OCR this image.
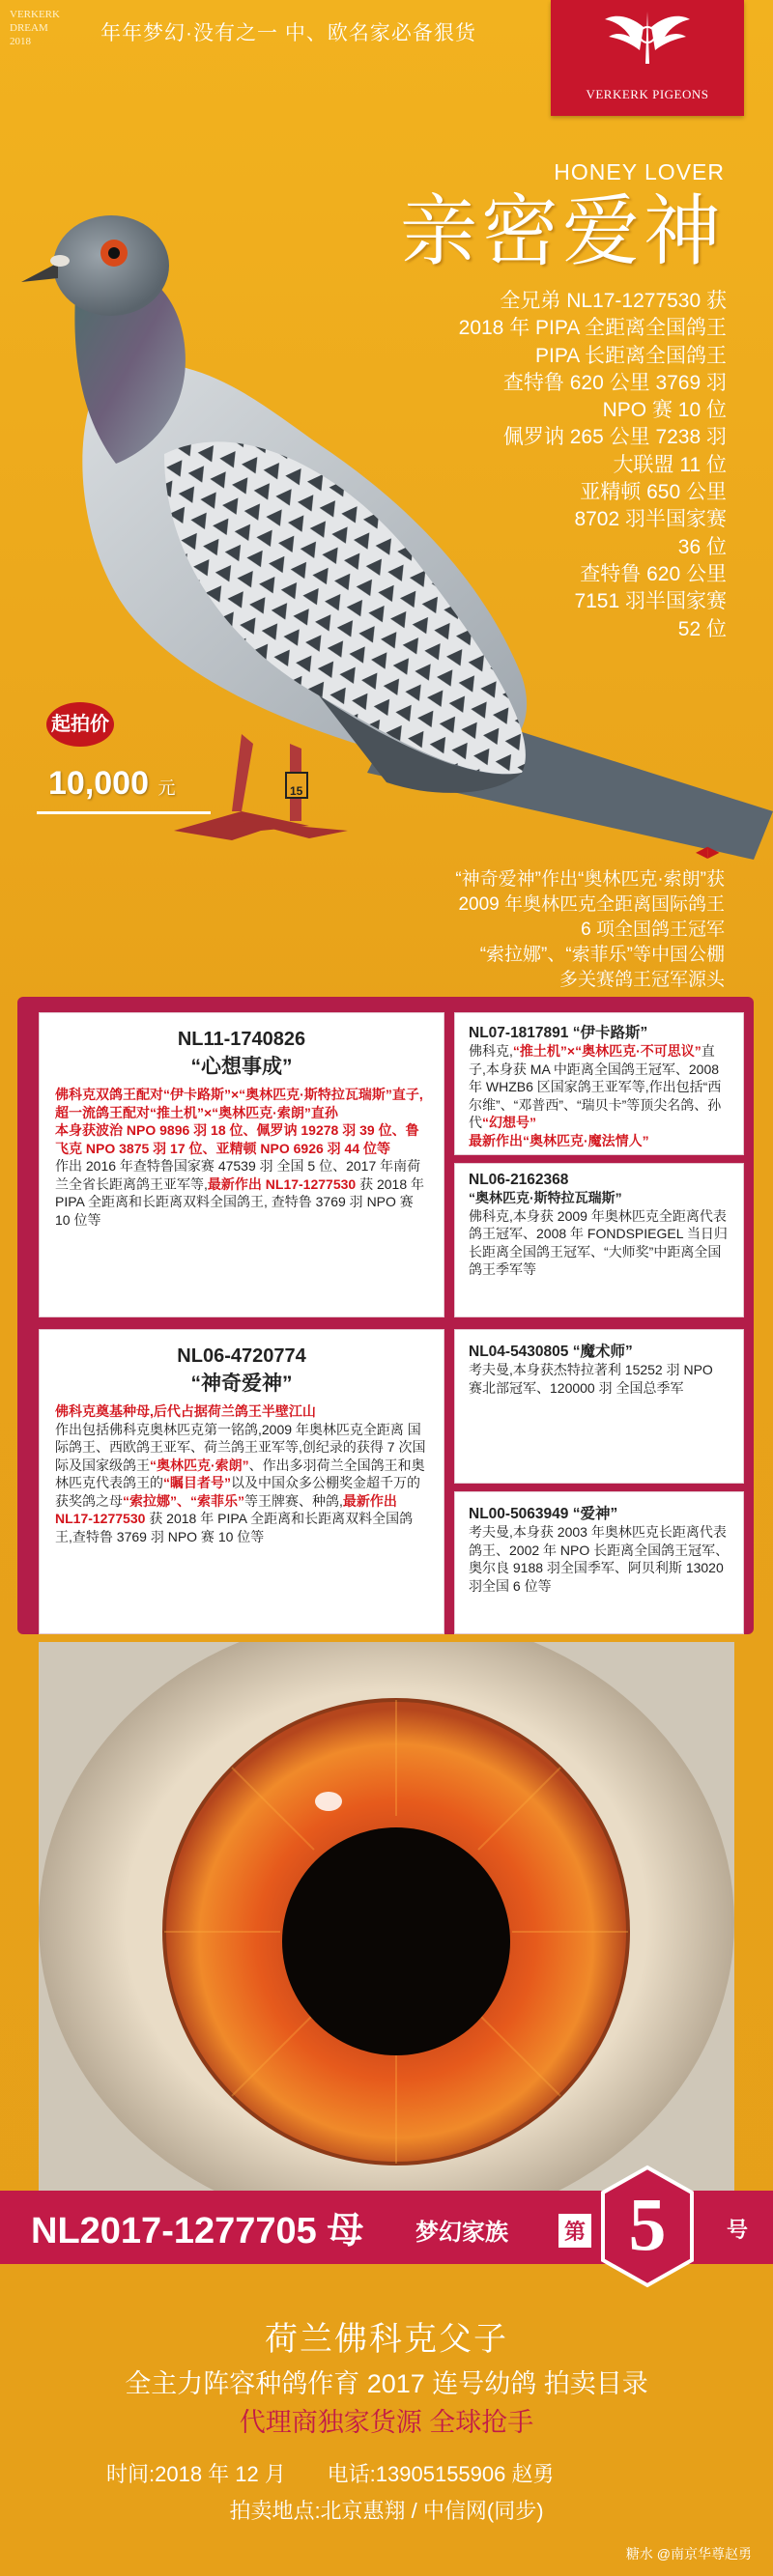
VERKERK
DREAM
2018	年年梦幻·没有之一 中、欧名家必备狠货
VERKERK PIGEONS
HONEY LOVER
亲密爱神
全兄弟 NL17-1277530 获
2018 年 PIPA 全距离全国鸽王
PIPA 长距离全国鸽王
查特鲁 620 公里 3769 羽
NPO 赛 10 位
佩罗讷 265 公里 7238 羽
大联盟 11 位
亚精顿 650 公里
8702 羽半国家赛
36 位
查特鲁 620 公里
7151 羽半国家赛
52 位
起拍价
10,000 元	15
◀▶
“神奇爱神”作出“奥林匹克·索朗”获
2009 年奥林匹克全距离国际鸽王
6 项全国鸽王冠军
“索拉娜”、“索菲乐”等中国公棚
多关赛鸽王冠军源头
NL11-1740826
“心想事成”

佛科克双鸽王配对“伊卡路斯”×“奥林匹克·斯特拉瓦瑞斯”直子,超一流鸽王配对“推土机”×“奥林匹克·索朗”直孙

本身获波治 NPO 9896 羽 18 位、佩罗讷 19278 羽 39 位、鲁飞克 NPO 3875 羽 17 位、亚精顿 NPO 6926 羽 44 位等

作出 2016 年查特鲁国家赛 47539 羽 全国 5 位、2017 年南荷兰全省长距离鸽王亚军等,最新作出 NL17-1277530 获 2018 年 PIPA 全距离和长距离双料全国鸽王, 查特鲁 3769 羽 NPO 赛 10 位等

NL06-4720774
“神奇爱神”

佛科克奠基种母,后代占据荷兰鸽王半壁江山

作出包括佛科克奥林匹克第一铭鸽,2009 年奥林匹克全距离 国际鸽王、西欧鸽王亚军、荷兰鸽王亚军等,创纪录的获得 7 次国际及国家级鸽王“奥林匹克·索朗”、作出多羽荷兰全国鸽王和奥林匹克代表鸽王的“瞩目者号”以及中国众多公棚奖金超千万的获奖鸽之母“索拉娜”、“索菲乐”等王牌赛、种鸽,最新作出 NL17-1277530 获 2018 年 PIPA 全距离和长距离双料全国鸽王,查特鲁 3769 羽 NPO 赛 10 位等

NL07-1817891 “伊卡路斯”

佛科克,“推土机”×“奥林匹克·不可思议”直子,本身获 MA 中距离全国鸽王冠军、2008 年 WHZB6 区国家鸽王亚军等,作出包括“西尔维”、“邓普西”、“瑞贝卡”等顶尖名鸽、孙代“幻想号”

最新作出“奥林匹克·魔法情人”

NL06-2162368

“奥林匹克·斯特拉瓦瑞斯”

佛科克,本身获 2009 年奥林匹克全距离代表鸽王冠军、2008 年 FONDSPIEGEL 当日归长距离全国鸽王冠军、“大师奖”中距离全国鸽王季军等

NL04-5430805 “魔术师”

考夫曼,本身获杰特拉著利 15252 羽 NPO 赛北部冠军、120000 羽 全国总季军

NL00-5063949 “爱神”

考夫曼,本身获 2003 年奥林匹克长距离代表鸽王、2002 年 NPO 长距离全国鸽王冠军、奥尔良 9188 羽全国季军、阿贝利斯 13020 羽全国 6 位等

NL2017-1277705 母 梦幻家族	第 5	号
荷兰佛科克父子
全主力阵容种鸽作育 2017 连号幼鸽 拍卖目录
代理商独家货源 全球抢手
时间:2018 年 12 月 电话:13905155906 赵勇
拍卖地点:北京惠翔 / 中信网(同步)
糖水 @南京华尊赵勇
